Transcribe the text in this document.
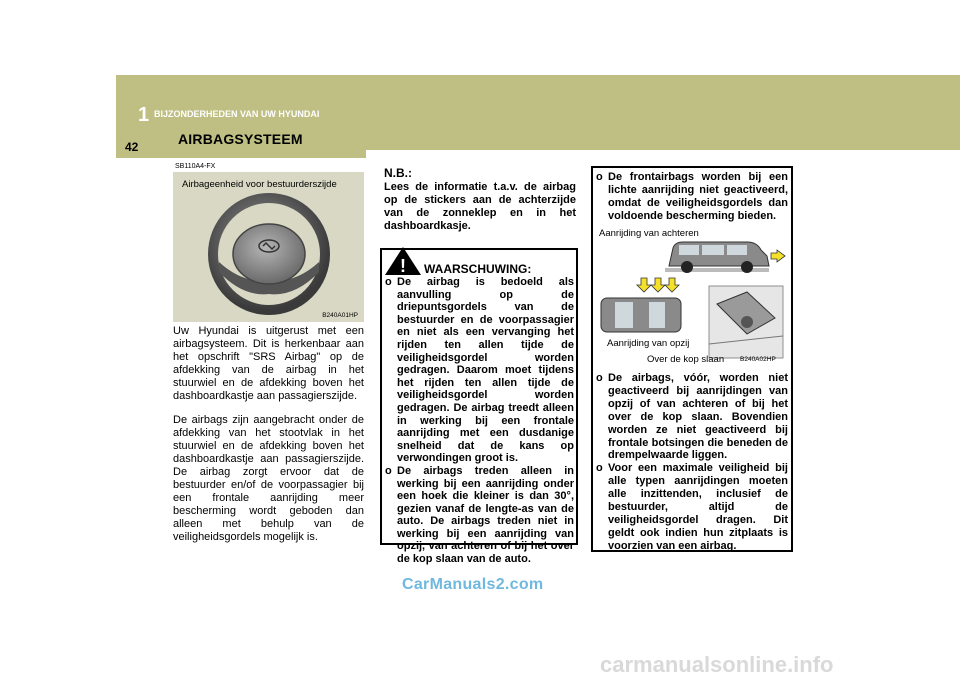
1 BIJZONDERHEDEN VAN UW HYUNDAI
42	AIRBAGSYSTEEM
SB110A4-FX
Airbageenheid voor bestuurderszijde
B240A01HP

Uw Hyundai is uitgerust met een airbagsysteem. Dit is herkenbaar aan het opschrift "SRS Airbag" op de afdekking van de airbag in het stuurwiel en de afdekking boven het dashboardkastje aan passagierszijde.

De airbags zijn aangebracht onder de afdekking van het stootvlak in het stuurwiel en de afdekking boven het dashboardkastje aan passagierszijde. De airbag zorgt ervoor dat de bestuurder en/of de voorpassagier bij een frontale aanrijding meer bescherming wordt geboden dan alleen met behulp van de veiligheidsgordels mogelijk is.

N.B.:
Lees de informatie t.a.v. de airbag op de stickers aan de achterzijde van de zonneklep en in het dashboardkasje.
! WAARSCHUWING:
o De airbag is bedoeld als aanvulling op de driepuntsgordels van de bestuurder en de voorpassagier en niet als een vervanging het rijden ten allen tijde de veiligheidsgordel worden gedragen. Daarom moet tijdens het rijden ten allen tijde de veiligheidsgordel worden gedragen. De airbag treedt alleen in werking bij een frontale aanrijding met een dusdanige snelheid dat de kans op verwondingen groot is.
o De airbags treden alleen in werking bij een aanrijding onder een hoek die kleiner is dan 30°, gezien vanaf de lengte-as van de auto. De airbags treden niet in werking bij een aanrijding van opzij, van achteren of bij het over de kop slaan van de auto.
o De frontairbags worden bij een lichte aanrijding niet geactiveerd, omdat de veiligheidsgordels dan voldoende bescherming bieden.
Aanrijding van achteren
Aanrijding van opzij
Over de kop slaan B240A02HP
o De airbags, vóór, worden niet geactiveerd bij aanrijdingen van opzij of van achteren of bij het over de kop slaan. Bovendien worden ze niet geactiveerd bij frontale botsingen die beneden de drempelwaarde liggen.
o Voor een maximale veiligheid bij alle typen aanrijdingen moeten alle inzittenden, inclusief de bestuurder, altijd de veiligheidsgordel dragen. Dit geldt ook indien hun zitplaats is voorzien van een airbag.
CarManuals2.com
carmanualsonline.info
